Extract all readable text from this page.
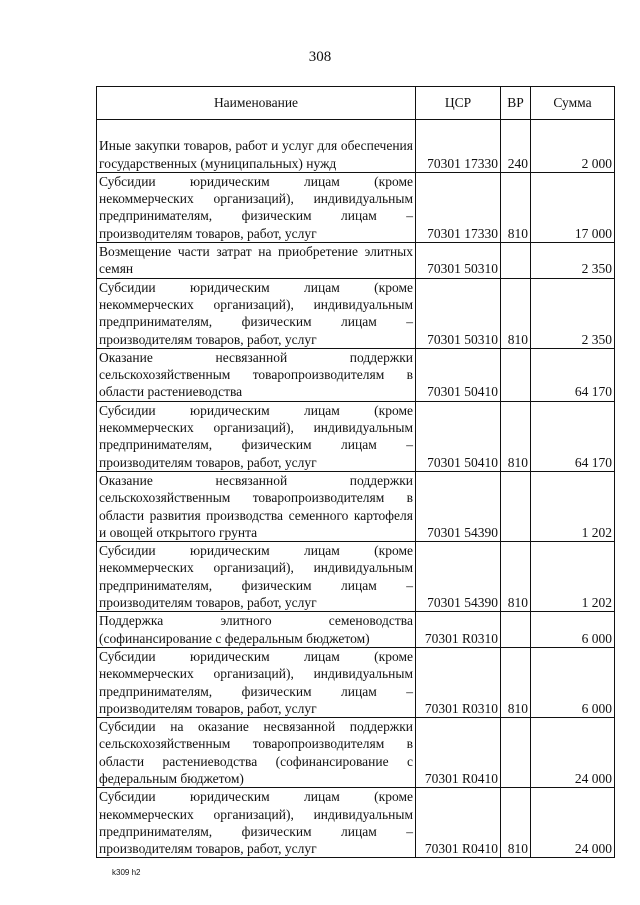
308
Наименование	ЦСР	ВР	Сумма
Иные закупки товаров, работ и услуг для обеспечения государственных (муниципальных) нужд	70301 17330	240	2 000
Субсидии юридическим лицам (кроме некоммерческих организаций), индивидуальным предпринимателям, физическим лицам – производителям товаров, работ, услуг	70301 17330	810	17 000
Возмещение части затрат на приобретение элитных семян	70301 50310		2 350
Субсидии юридическим лицам (кроме некоммерческих организаций), индивидуальным предпринимателям, физическим лицам – производителям товаров, работ, услуг	70301 50310	810	2 350
Оказание несвязанной поддержки сельскохозяйственным товаропроизводителям в области растениеводства	70301 50410		64 170
Субсидии юридическим лицам (кроме некоммерческих организаций), индивидуальным предпринимателям, физическим лицам – производителям товаров, работ, услуг	70301 50410	810	64 170
Оказание несвязанной поддержки сельскохозяйственным товаропроизводителям в области развития производства семенного картофеля и овощей открытого грунта	70301 54390		1 202
Субсидии юридическим лицам (кроме некоммерческих организаций), индивидуальным предпринимателям, физическим лицам – производителям товаров, работ, услуг	70301 54390	810	1 202
Поддержка элитного семеноводства (софинансирование с федеральным бюджетом)	70301 R0310		6 000
Субсидии юридическим лицам (кроме некоммерческих организаций), индивидуальным предпринимателям, физическим лицам – производителям товаров, работ, услуг	70301 R0310	810	6 000
Субсидии на оказание несвязанной поддержки сельскохозяйственным товаропроизводителям в области растениеводства (софинансирование с федеральным бюджетом)	70301 R0410		24 000
Субсидии юридическим лицам (кроме некоммерческих организаций), индивидуальным предпринимателям, физическим лицам – производителям товаров, работ, услуг	70301 R0410	810	24 000
k309 h2
